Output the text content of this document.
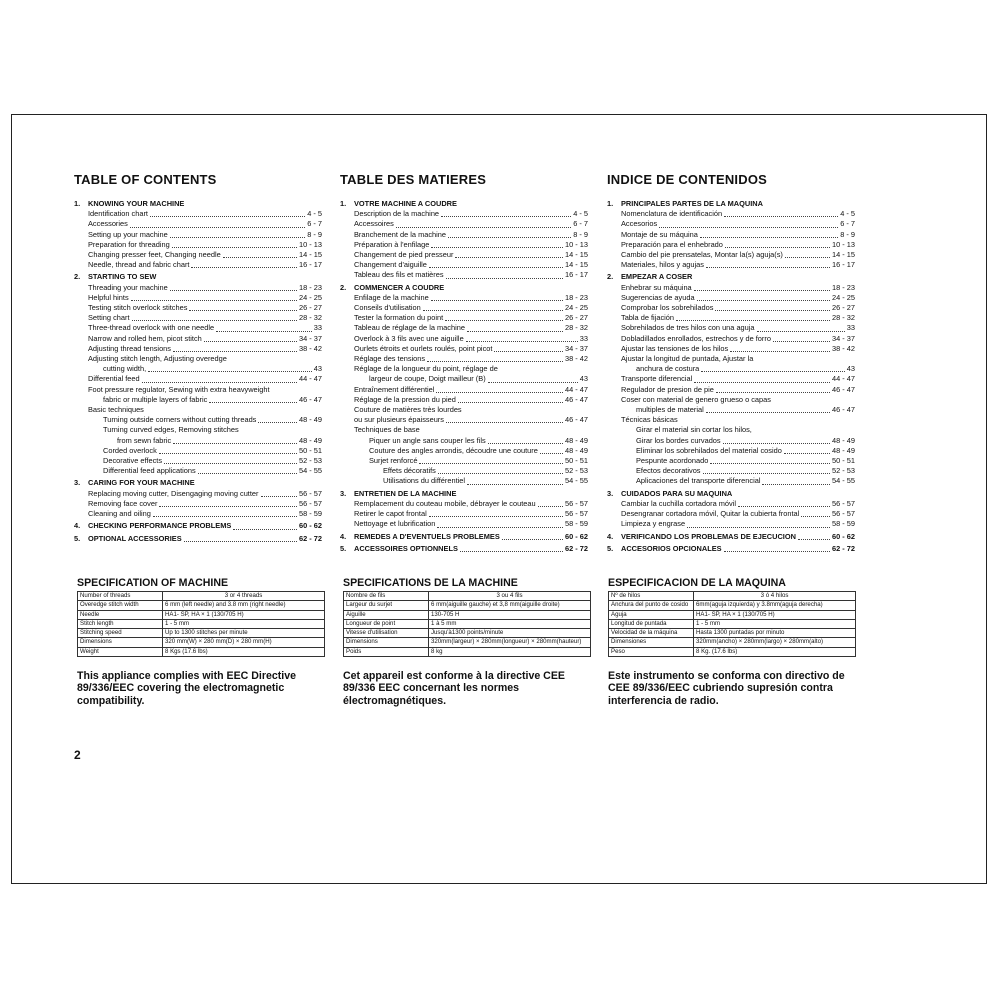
TABLE OF CONTENTS
1.	KNOWING YOUR MACHINE
Identification chart	4 - 5
Accessories	6 - 7
Setting up your machine	8 - 9
Preparation for threading	10 - 13
Changing presser feet, Changing needle	14 - 15
Needle, thread and fabric chart	16 - 17
2.	STARTING TO SEW
Threading your machine	18 - 23
Helpful hints	24 - 25
Testing stitch overlock stitches	26 - 27
Setting chart	28 - 32
Three-thread overlock with one needle	33
Narrow and rolled hem, picot stitch	34 - 37
Adjusting thread tensions	38 - 42
Adjusting stitch length, Adjusting overedge
cutting width,	43
Differential feed	44 - 47
Foot pressure regulator, Sewing with extra heavyweight
fabric or multiple layers of fabric	46 - 47
Basic techniques
Turning outside corners without cutting threads	48 - 49
Turning curved edges, Removing stitches
from sewn fabric	48 - 49
Corded overlock	50 - 51
Decorative effects	52 - 53
Differential feed applications	54 - 55
3.	CARING FOR YOUR MACHINE
Replacing moving cutter, Disengaging moving cutter	56 - 57
Removing face cover	56 - 57
Cleaning and oiling	58 - 59
4.	CHECKING PERFORMANCE PROBLEMS	60 - 62
5.	OPTIONAL ACCESSORIES	62 - 72
TABLE DES MATIERES
1.	VOTRE MACHINE A COUDRE
Description de la machine	4 - 5
Accessoires	6 - 7
Branchement de la machine	8 - 9
Préparation à l'enfilage	10 - 13
Changement de pied presseur	14 - 15
Changement d'aiguille	14 - 15
Tableau des fils et matières	16 - 17
2.	COMMENCER A COUDRE
Enfilage de la machine	18 - 23
Conseils d'utilisation	24 - 25
Tester la formation du point	26 - 27
Tableau de réglage de la machine	28 - 32
Overlock à 3 fils avec une aiguille	33
Ourlets étroits et ourlets roulés, point picot	34 - 37
Réglage des tensions	38 - 42
Réglage de la longueur du point, réglage de
largeur de coupe, Doigt mailleur (B)	43
Entraînement différentiel	44 - 47
Réglage de la pression du pied	46 - 47
Couture de matières très lourdes
ou sur plusieurs épaisseurs	46 - 47
Techniques de base
Piquer un angle sans couper les fils	48 - 49
Couture des angles arrondis, découdre une couture	48 - 49
Surjet renforcé	50 - 51
Effets décoratifs	52 - 53
Utilisations du différentiel	54 - 55
3.	ENTRETIEN DE LA MACHINE
Remplacement du couteau mobile, débrayer le couteau	56 - 57
Retirer le capot frontal	56 - 57
Nettoyage et lubrification	58 - 59
4.	REMEDES A D'EVENTUELS PROBLEMES	60 - 62
5.	ACCESSOIRES OPTIONNELS	62 - 72
INDICE DE CONTENIDOS
1.	PRINCIPALES PARTES DE LA MAQUINA
Nomenclatura de identificación	4 - 5
Accesorios	6 - 7
Montaje de su máquina	8 - 9
Preparación para el enhebrado	10 - 13
Cambio del pie prensatelas, Montar la(s) aguja(s)	14 - 15
Materiales, hilos y agujas	16 - 17
2.	EMPEZAR A COSER
Enhebrar su máquina	18 - 23
Sugerencias de ayuda	24 - 25
Comprobar los sobrehilados	26 - 27
Tabla de fijación	28 - 32
Sobrehilados de tres hilos con una aguja	33
Dobladillados enrollados, estrechos y de forro	34 - 37
Ajustar las tensiones de los hilos	38 - 42
Ajustar la longitud de puntada, Ajustar la
anchura de costura	43
Transporte diferencial	44 - 47
Regulador de presion de pie	46 - 47
Coser con material de genero grueso o capas
multiples de material	46 - 47
Técnicas básicas
Girar el material sin cortar los hilos,
Girar los bordes curvados	48 - 49
Eliminar los sobrehilados del material cosido	48 - 49
Pespunte acordonado	50 - 51
Efectos decorativos	52 - 53
Aplicaciones del transporte diferencial	54 - 55
3.	CUIDADOS PARA SU MAQUINA
Cambiar la cuchilla cortadora móvil	56 - 57
Desengranar cortadora móvil, Quitar la cubierta frontal	56 - 57
Limpieza y engrase	58 - 59
4.	VERIFICANDO LOS PROBLEMAS DE EJECUCION	60 - 62
5.	ACCESORIOS OPCIONALES	62 - 72
SPECIFICATION OF MACHINE
Number of threads	3 or 4 threads
Overedge stitch width	6 mm (left needle) and 3.8 mm (right needle)
Needle	HA1- SP, HA × 1 (130/705 H)
Stitch length	1 - 5 mm
Stitching speed	Up to 1300 stitches per minute
Dimensions	320 mm(W) × 280 mm(D) × 280 mm(H)
Weight	8 Kgs (17.6 lbs)
SPECIFICATIONS DE LA MACHINE
Nombre de fils	3 ou 4 fils
Largeur du surjet	6 mm(aiguille gauche) et 3,8 mm(aiguille droite)
Aiguille	130-705 H
Longueur de point	1 à 5 mm
Vitesse d'utilisation	Jusqu'à1300 points/minute
Dimensions	320mm(largeur) × 280mm(longueur) × 280mm(hauteur)
Poids	8 kg
ESPECIFICACION DE LA MAQUINA
Nº de hilos	3 ó 4 hilos
Anchura del punto de cosido	6mm(aguja izquierda) y 3.8mm(aguja derecha)
Aguja	HA1- SP, HA × 1 (130/705 H)
Longitud de puntada	1 - 5 mm
Velocidad de la máquina	Hasta 1300 puntadas por minuto
Dimensiones	320mm(ancho) × 280mm(largo) × 280mm(alto)
Peso	8 Kg. (17.6 lbs)
This appliance complies with EEC Directive 89/336/EEC covering the electromagnetic compatibility.
Cet appareil est conforme à la directive CEE 89/336 EEC concernant les normes électromagnétiques.
Este instrumento se conforma con directivo de CEE 89/336/EEC cubriendo supresión contra interferencia de radio.
2
